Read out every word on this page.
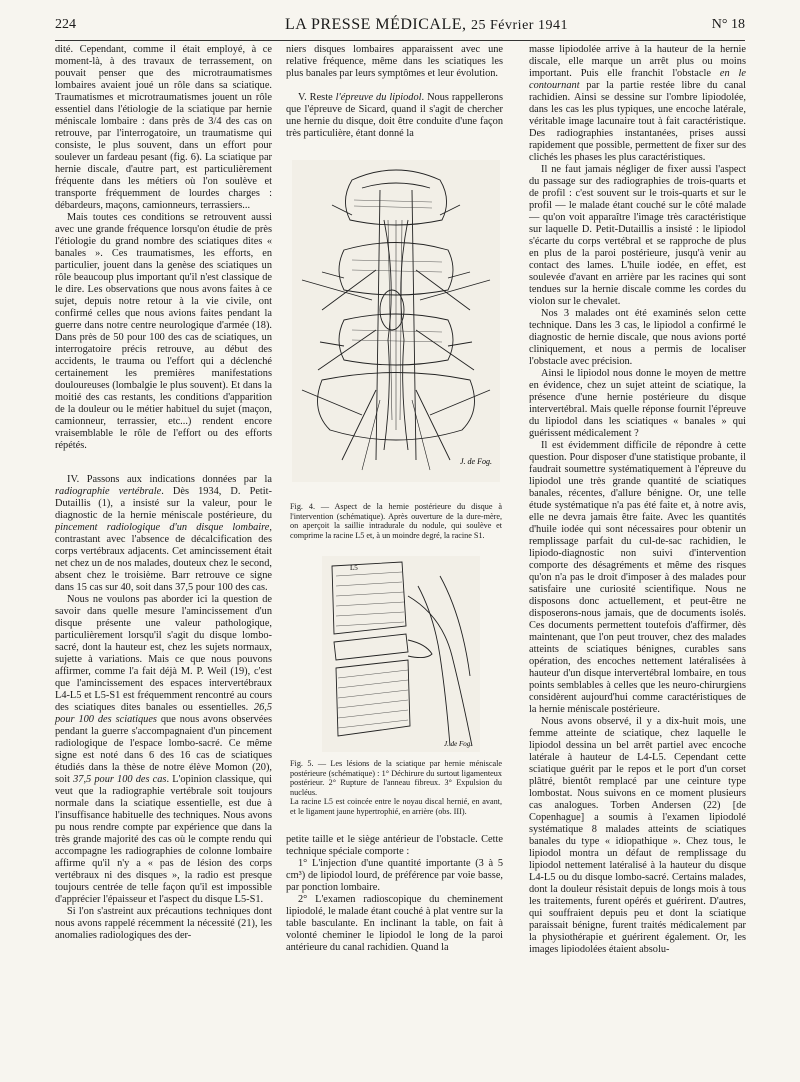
224	LA PRESSE MÉDICALE, 25 Février 1941	N° 18

dité. Cependant, comme il était employé, à ce moment-là, à des travaux de terrassement, on pouvait penser que des microtraumatismes lombaires avaient joué un rôle dans sa sciatique. Traumatismes et microtraumatismes jouent un rôle essentiel dans l'étiologie de la sciatique par hernie méniscale lombaire : dans près de 3/4 des cas on retrouve, par l'interrogatoire, un traumatisme qui consiste, le plus souvent, dans un effort pour soulever un fardeau pesant (fig. 6). La sciatique par hernie discale, d'autre part, est particulièrement fréquente dans les métiers où l'on soulève et transporte fréquemment de lourdes charges : débardeurs, maçons, camionneurs, terrassiers...

Mais toutes ces conditions se retrouvent aussi avec une grande fréquence lorsqu'on étudie de près l'étiologie du grand nombre des sciatiques dites « banales ». Ces traumatismes, les efforts, en particulier, jouent dans la genèse des sciatiques un rôle beaucoup plus important qu'il n'est classique de le dire. Les observations que nous avons faites à ce sujet, depuis notre retour à la vie civile, ont confirmé celles que nous avions faites pendant la guerre dans notre centre neurologique d'armée (18). Dans près de 50 pour 100 des cas de sciatiques, un interrogatoire précis retrouve, au début des accidents, le trauma ou l'effort qui a déclenché certainement les premières manifestations douloureuses (lombalgie le plus souvent). Et dans la moitié des cas restants, les conditions d'apparition de la douleur ou le métier habituel du sujet (maçon, camionneur, terrassier, etc...) rendent encore vraisemblable le rôle de l'effort ou des efforts répétés.

IV. Passons aux indications données par la radiographie vertébrale. Dès 1934, D. Petit-Dutaillis (1), a insisté sur la valeur, pour le diagnostic de la hernie méniscale postérieure, du pincement radiologique d'un disque lombaire, contrastant avec l'absence de décalcification des corps vertébraux adjacents. Cet amincissement était net chez un de nos malades, douteux chez le second, absent chez le troisième. Barr retrouve ce signe dans 15 cas sur 40, soit dans 37,5 pour 100 des cas.

Nous ne voulons pas aborder ici la question de savoir dans quelle mesure l'amincissement d'un disque présente une valeur pathologique, particulièrement lorsqu'il s'agit du disque lombo-sacré, dont la hauteur est, chez les sujets normaux, sujette à variations. Mais ce que nous pouvons affirmer, comme l'a fait déjà M. P. Weil (19), c'est que l'amincissement des espaces intervertébraux L4-L5 et L5-S1 est fréquemment rencontré au cours des sciatiques dites banales ou essentielles. 26,5 pour 100 des sciatiques que nous avons observées pendant la guerre s'accompagnaient d'un pincement radiologique de l'espace lombo-sacré. Ce même signe est noté dans 6 des 16 cas de sciatiques étudiés dans la thèse de notre élève Momon (20), soit 37,5 pour 100 des cas. L'opinion classique, qui veut que la radiographie vertébrale soit toujours normale dans la sciatique essentielle, est due à l'insuffisance habituelle des techniques. Nous avons pu nous rendre compte par expérience que dans la très grande majorité des cas où le compte rendu qui accompagne les radiographies de colonne lombaire affirme qu'il n'y a « pas de lésion des corps vertébraux ni des disques », la radio est presque toujours centrée de telle façon qu'il est impossible d'apprécier l'épaisseur et l'aspect du disque L5-S1.

Si l'on s'astreint aux précautions techniques dont nous avons rappelé récemment la nécessité (21), les anomalies radiologiques des der-

niers disques lombaires apparaissent avec une relative fréquence, même dans les sciatiques les plus banales par leurs symptômes et leur évolution.

V. Reste l'épreuve du lipiodol. Nous rappellerons que l'épreuve de Sicard, quand il s'agit de chercher une hernie du disque, doit être conduite d'une façon très particulière, étant donné la

J. de Fog.
Fig. 4. — Aspect de la hernie postérieure du disque à l'intervention (schématique). Après ouverture de la dure-mère, on aperçoit la saillie intradurale du nodule, qui soulève et comprime la racine L5 et, à un moindre degré, la racine S1.
L5
J. de Fog.
Fig. 5. — Les lésions de la sciatique par hernie méniscale postérieure (schématique) : 1° Déchirure du surtout ligamenteux postérieur. 2° Rupture de l'anneau fibreux. 3° Expulsion du nucléus.
La racine L5 est coincée entre le noyau discal hernié, en avant, et le ligament jaune hypertrophié, en arrière (obs. III).

petite taille et le siège antérieur de l'obstacle. Cette technique spéciale comporte :

1° L'injection d'une quantité importante (3 à 5 cm³) de lipiodol lourd, de préférence par voie basse, par ponction lombaire.

2° L'examen radioscopique du cheminement lipiodolé, le malade étant couché à plat ventre sur la table basculante. En inclinant la table, on fait à volonté cheminer le lipiodol le long de la paroi antérieure du canal rachidien. Quand la

masse lipiodolée arrive à la hauteur de la hernie discale, elle marque un arrêt plus ou moins important. Puis elle franchit l'obstacle en le contournant par la partie restée libre du canal rachidien. Ainsi se dessine sur l'ombre lipiodolée, dans les cas les plus typiques, une encoche latérale, véritable image lacunaire tout à fait caractéristique. Des radiographies instantanées, prises aussi rapidement que possible, permettent de fixer sur des clichés les phases les plus caractéristiques.

Il ne faut jamais négliger de fixer aussi l'aspect du passage sur des radiographies de trois-quarts et de profil : c'est souvent sur le trois-quarts et sur le profil — le malade étant couché sur le côté malade — qu'on voit apparaître l'image très caractéristique sur laquelle D. Petit-Dutaillis a insisté : le lipiodol s'écarte du corps vertébral et se rapproche de plus en plus de la paroi postérieure, jusqu'à venir au contact des lames. L'huile iodée, en effet, est soulevée d'avant en arrière par les racines qui sont tendues sur la hernie discale comme les cordes du violon sur le chevalet.

Nos 3 malades ont été examinés selon cette technique. Dans les 3 cas, le lipiodol a confirmé le diagnostic de hernie discale, que nous avions porté cliniquement, et nous a permis de localiser l'obstacle avec précision.

Ainsi le lipiodol nous donne le moyen de mettre en évidence, chez un sujet atteint de sciatique, la présence d'une hernie postérieure du disque intervertébral. Mais quelle réponse fournit l'épreuve du lipiodol dans les sciatiques « banales » qui guérissent médicalement ?

Il est évidemment difficile de répondre à cette question. Pour disposer d'une statistique probante, il faudrait soumettre systématiquement à l'épreuve du lipiodol une très grande quantité de sciatiques banales, récentes, d'allure bénigne. Or, une telle étude systématique n'a pas été faite et, à notre avis, elle ne devra jamais être faite. Avec les quantités d'huile iodée qui sont nécessaires pour obtenir un remplissage parfait du cul-de-sac rachidien, le lipiodo-diagnostic non suivi d'intervention comporte des désagréments et même des risques qu'on n'a pas le droit d'imposer à des malades pour satisfaire une curiosité scientifique. Nous ne disposons donc actuellement, et peut-être ne disposerons-nous jamais, que de documents isolés. Ces documents permettent toutefois d'affirmer, dès maintenant, que l'on peut trouver, chez des malades atteints de sciatiques bénignes, curables sans opération, des encoches nettement latéralisées à hauteur d'un disque intervertébral lombaire, en tous points semblables à celles que les neuro-chirurgiens considèrent aujourd'hui comme caractéristiques de la hernie méniscale postérieure.

Nous avons observé, il y a dix-huit mois, une femme atteinte de sciatique, chez laquelle le lipiodol dessina un bel arrêt partiel avec encoche latérale à hauteur de L4-L5. Cependant cette sciatique guérit par le repos et le port d'un corset plâtré, bientôt remplacé par une ceinture type lombostat. Nous suivons en ce moment plusieurs cas analogues. Torben Andersen (22) [de Copenhague] a soumis à l'examen lipiodolé systématique 8 malades atteints de sciatiques banales du type « idiopathique ». Chez tous, le lipiodol montra un défaut de remplissage du lipiodol nettement latéralisé à la hauteur du disque L4-L5 ou du disque lombo-sacré. Certains malades, dont la douleur résistait depuis de longs mois à tous les traitements, furent opérés et guérirent. D'autres, qui souffraient depuis peu et dont la sciatique paraissait bénigne, furent traités médicalement par la physiothérapie et guérirent également. Or, les images lipiodolées étaient absolu-
